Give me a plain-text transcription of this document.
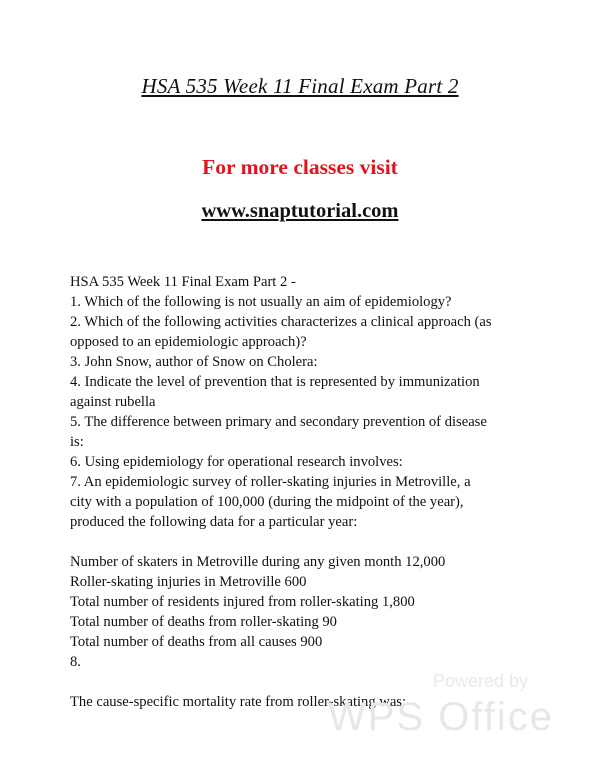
HSA 535 Week 11 Final Exam Part 2
For more classes visit
www.snaptutorial.com
HSA 535 Week 11 Final Exam Part 2 -
1. Which of the following is not usually an aim of epidemiology?
2. Which of the following activities characterizes a clinical approach (as
opposed to an epidemiologic approach)?
3. John Snow, author of Snow on Cholera:
4. Indicate the level of prevention that is represented by immunization
against rubella
5. The difference between primary and secondary prevention of disease
is:
6. Using epidemiology for operational research involves:
7. An epidemiologic survey of roller-skating injuries in Metroville, a
city with a population of 100,000 (during the midpoint of the year),
produced the following data for a particular year:
Number of skaters in Metroville during any given month 12,000
Roller-skating injuries in Metroville 600
Total number of residents injured from roller-skating 1,800
Total number of deaths from roller-skating 90
Total number of deaths from all causes 900
8.
The cause-specific mortality rate from roller-skating was:
Powered by
WPS Office
